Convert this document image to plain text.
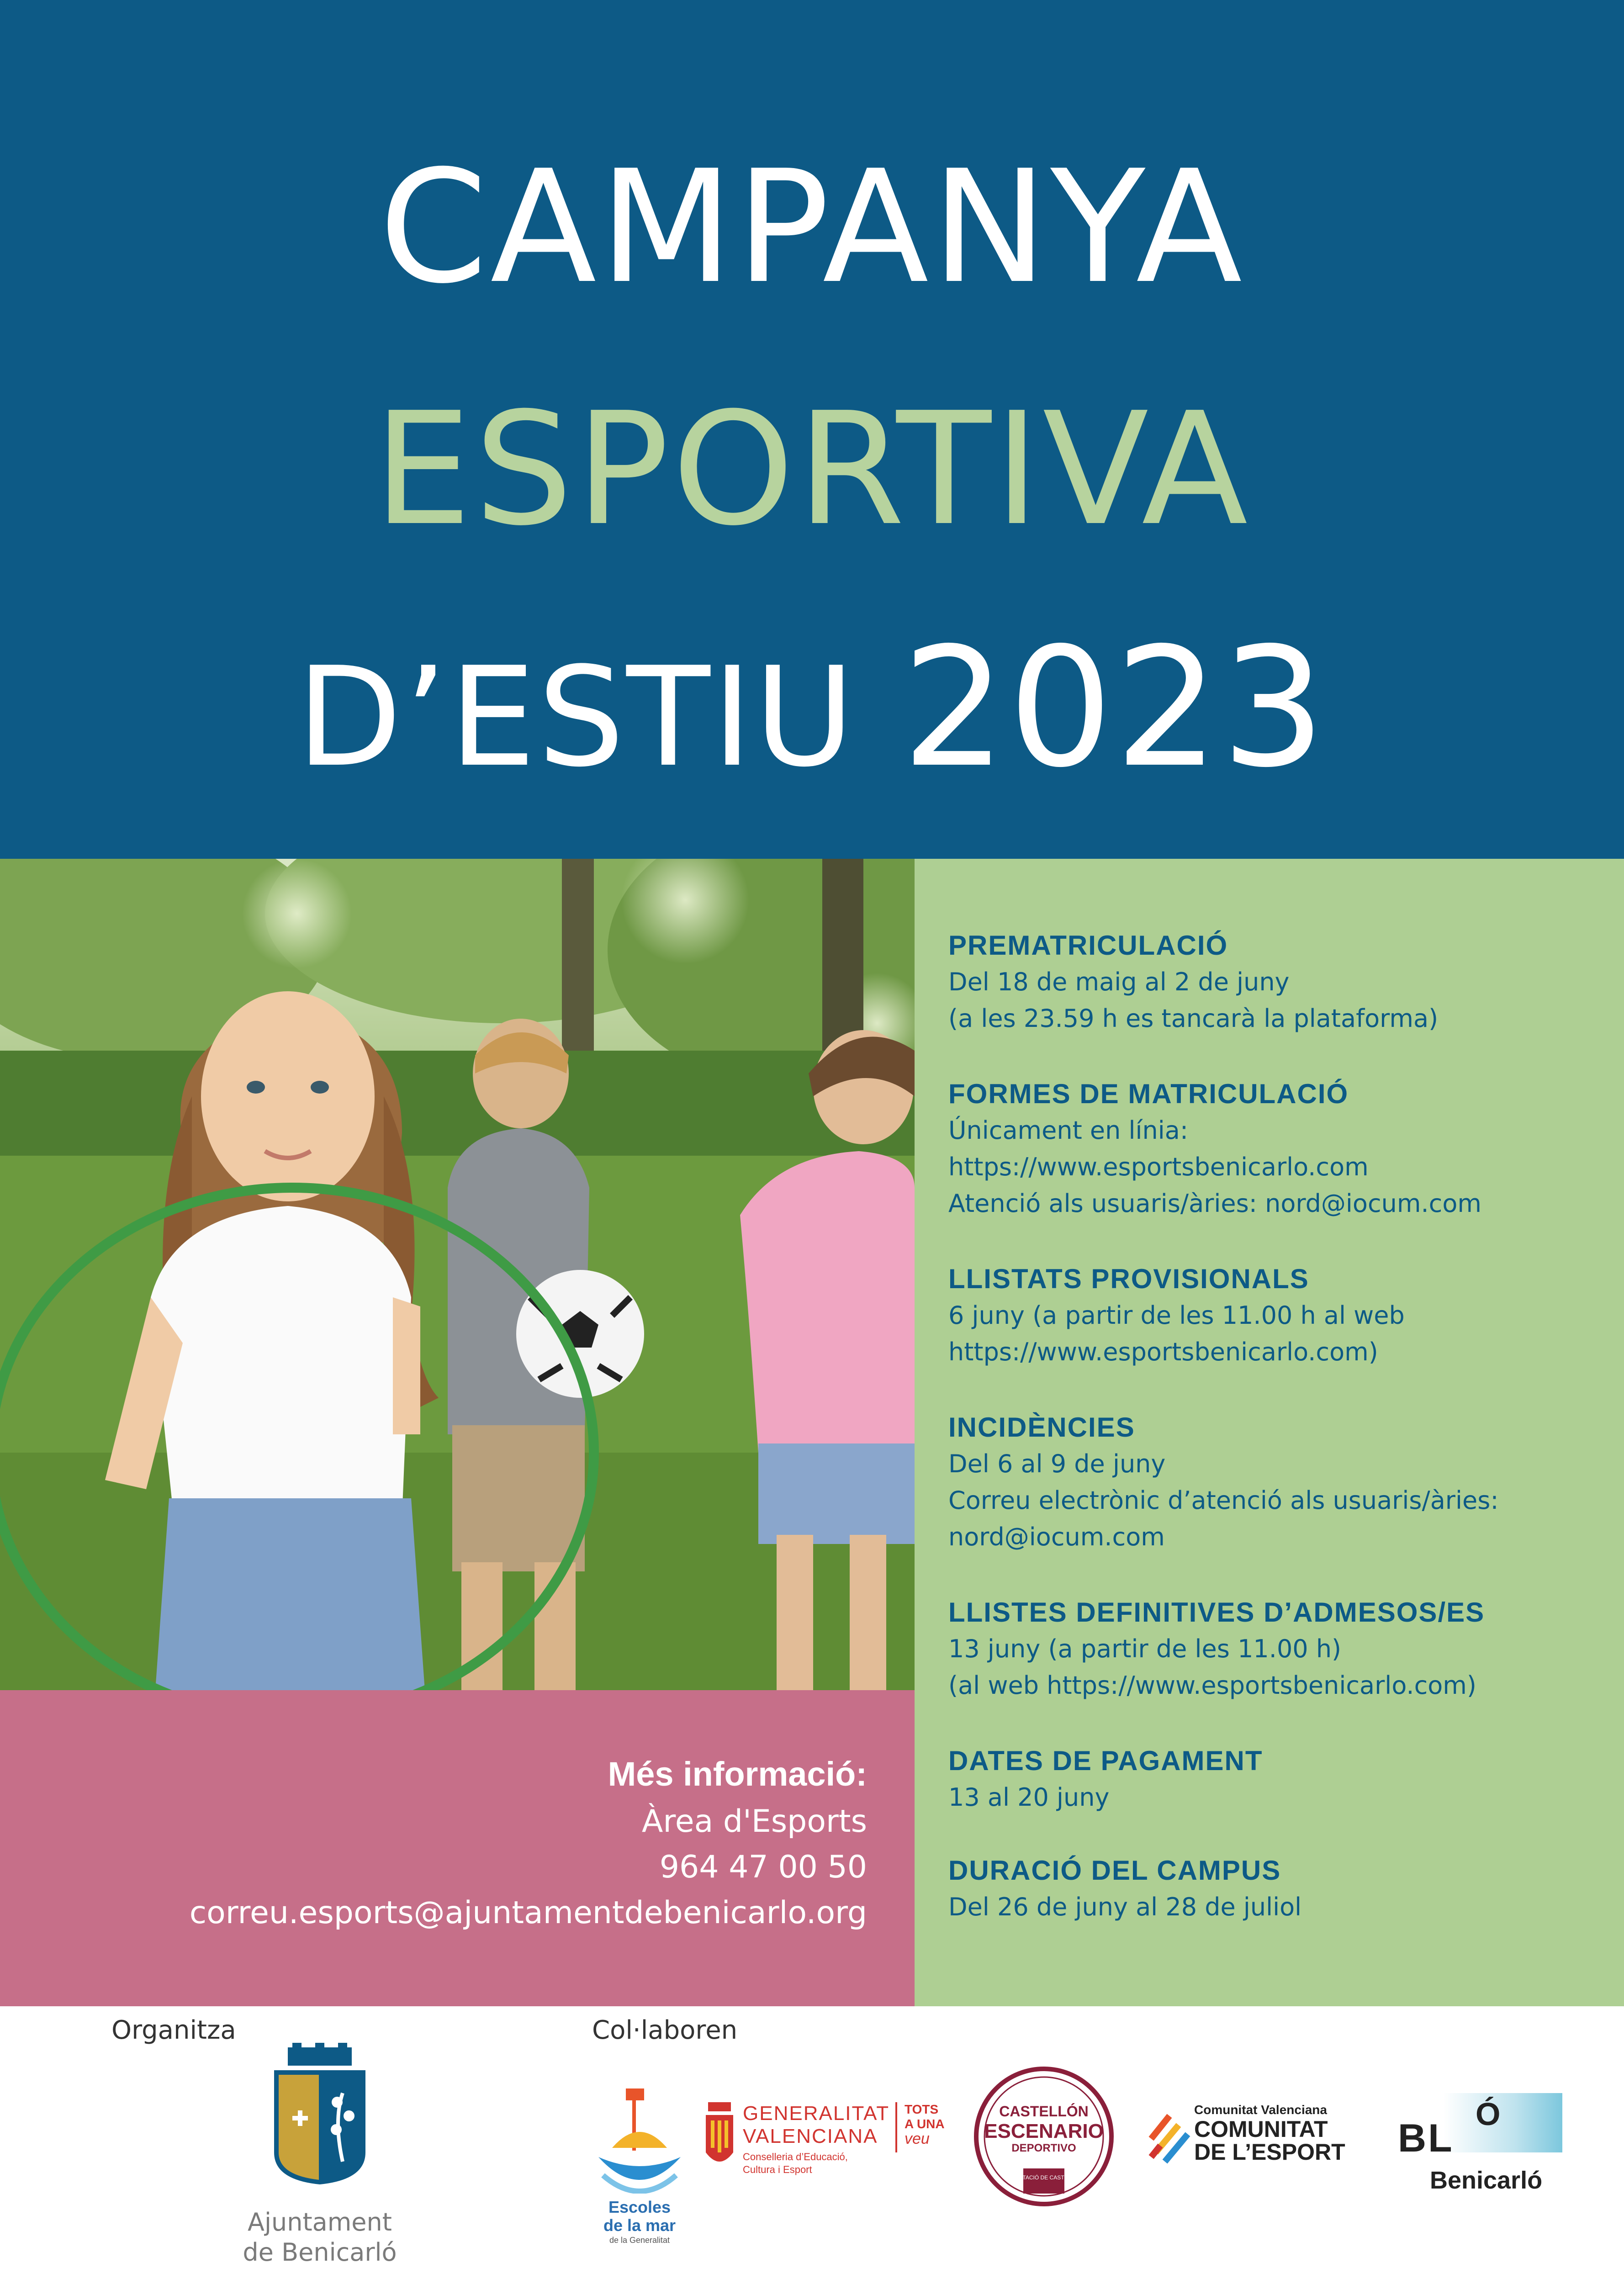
CAMPANYA
ESPORTIVA
D’ESTIU 2023
PREMATRICULACIÓ
Del 18 de maig al 2 de juny
(a les 23.59 h es tancarà la plataforma)
FORMES DE MATRICULACIÓ
Únicament en línia:
https://www.esportsbenicarlo.com
Atenció als usuaris/àries: nord@iocum.com
LLISTATS PROVISIONALS
6 juny (a partir de les 11.00 h al web
https://www.esportsbenicarlo.com)
INCIDÈNCIES
Del 6 al 9 de juny
Correu electrònic d’atenció als usuaris/àries:
nord@iocum.com
LLISTES DEFINITIVES D’ADMESOS/ES
13 juny (a partir de les 11.00 h)
(al web https://www.esportsbenicarlo.com)
DATES DE PAGAMENT
13 al 20 juny
DURACIÓ DEL CAMPUS
Del 26 de juny al 28 de juliol
Més informació:
Àrea d'Esports
964 47 00 50
correu.esports@ajuntamentdebenicarlo.org
Organitza	Col·laboren
Ajuntament
de Benicarló
Escoles
de la mar
de la Generalitat
GENERALITAT
VALENCIANA
Conselleria d’Educació,
Cultura i Esport
TOTS
A UNA
veu
CASTELLÓN
ESCENARIO
DEPORTIVO
DIPUTACIÓ DE CASTELLÓ
Comunitat Valenciana
COMUNITAT
DE L’ESPORT BL
Ó
Benicarló
